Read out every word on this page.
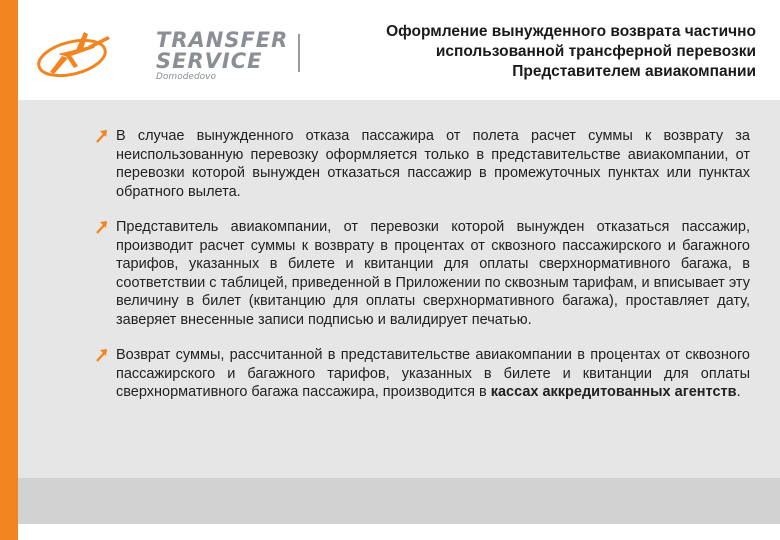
TRANSFER
SERVICE
Domodedovo
Оформление вынужденного возврата частично использованной трансферной перевозки Представителем авиакомпании
В случае вынужденного отказа пассажира от полета расчет суммы к возврату за неиспользованную перевозку оформляется только в представительстве авиакомпании, от перевозки которой вынужден отказаться пассажир в промежуточных пунктах или пунктах обратного вылета.
Представитель авиакомпании, от перевозки которой вынужден отказаться пассажир, производит расчет суммы к возврату в процентах от сквозного пассажирского и багажного тарифов, указанных в билете и квитанции для оплаты сверхнормативного багажа, в соответствии с таблицей, приведенной в Приложении по сквозным тарифам, и вписывает эту величину в билет (квитанцию для оплаты сверхнормативного багажа), проставляет дату, заверяет внесенные записи подписью и валидирует печатью.
Возврат суммы, рассчитанной в представительстве авиакомпании в процентах от сквозного пассажирского и багажного тарифов, указанных в билете и квитанции для оплаты сверхнормативного багажа пассажира, производится в кассах аккредитованных агентств.
